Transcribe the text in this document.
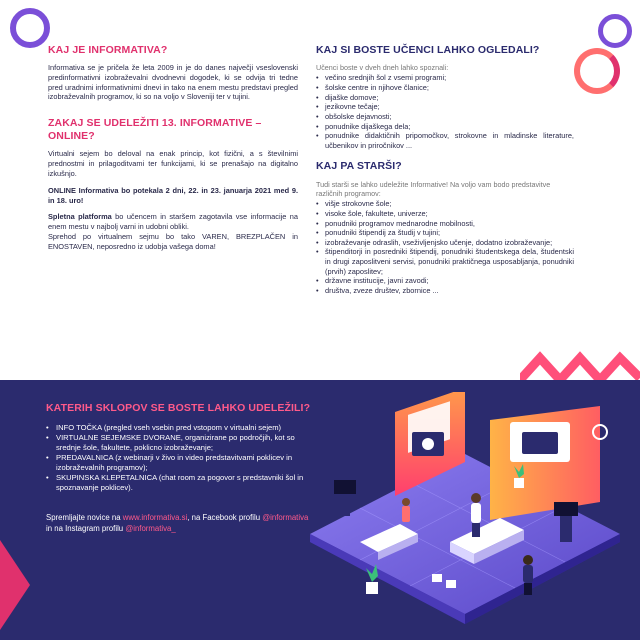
KAJ JE INFORMATIVA?

Informativa se je pričela že leta 2009 in je do danes največji vseslovenski predinformativni izobraževalni dvodnevni dogodek, ki se odvija tri tedne pred uradnimi informativnimi dnevi in tako na enem mestu predstavi pregled izobraževalnih programov, ki so na voljo v Sloveniji ter v tujini.

ZAKAJ SE UDELEŽITI 13. INFORMATIVE – ONLINE?

Virtualni sejem bo deloval na enak princip, kot fizični, a s številnimi prednostmi in prilagoditvami ter funkcijami, ki se prenašajo na digitalno izkušnjo.

ONLINE Informativa bo potekala 2 dni, 22. in 23. januarja 2021 med 9. in 18. uro!

Spletna platforma bo učencem in staršem zagotavila vse informacije na enem mestu v najbolj varni in udobni obliki.

Sprehod po virtualnem sejmu bo tako VAREN, BREZPLAČEN in ENOSTAVEN, neposredno iz udobja vašega doma!

KAJ SI BOSTE UČENCI LAHKO OGLEDALI?
Učenci boste v dveh dneh lahko spoznali:
• večino srednjih šol z vsemi programi;
• šolske centre in njihove članice;
• dijaške domove;
• jezikovne tečaje;
• obšolske dejavnosti;
• ponudnike dijaškega dela;
• ponudnike didaktičnih pripomočkov, strokovne in mladinske literature, učbenikov in priročnikov ...
KAJ PA STARŠI?
Tudi starši se lahko udeležite Informative! Na voljo vam bodo predstavitve različnih programov:
• višje strokovne šole;
• visoke šole, fakultete, univerze;
• ponudniki programov mednarodne mobilnosti,
• ponudniki štipendij za študij v tujini;
• izobraževanje odraslih, vseživljenjsko učenje, dodatno izobraževanje;
• štipenditorji in posredniki štipendij, ponudniki študentskega dela, študentski in drugi zaposlitveni servisi, ponudniki praktičnega usposabljanja, ponudniki (prvih) zaposlitev;
• državne institucije, javni zavodi;
• društva, zveze društev, zbornice ...
KATERIH SKLOPOV SE BOSTE LAHKO UDELEŽILI?
• INFO TOČKA (pregled vseh vsebin pred vstopom v virtualni sejem)
• VIRTUALNE SEJEMSKE DVORANE, organizirane po področjih, kot so srednje šole, fakultete, poklicno izobraževanje;
• PREDAVALNICA (z webinarji v živo in video predstavitvami poklicev in izobraževalnih programov);
• SKUPINSKA KLEPETALNICA (chat room za pogovor s predstavniki šol in spoznavanje poklicev).

Spremljajte novice na www.informativa.si, na Facebook profilu @informativa in na Instagram profilu @informativa_
